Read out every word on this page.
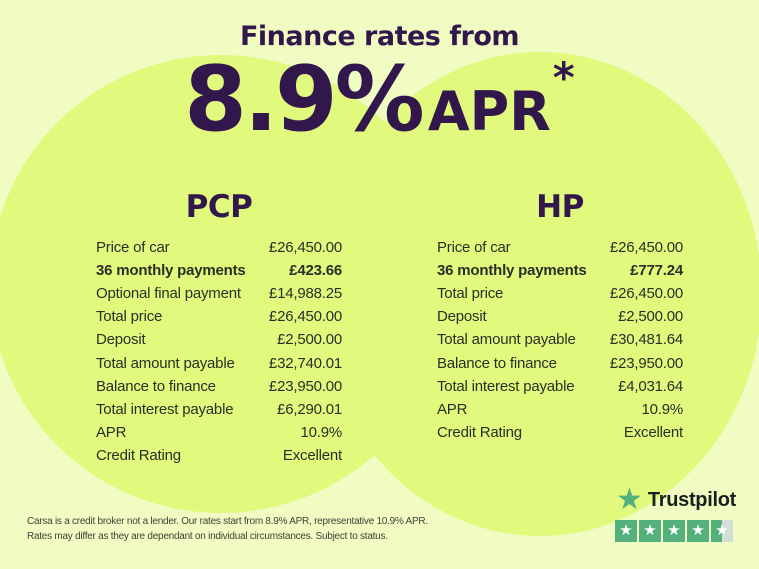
Finance rates from
8.9% APR
*
PCP	HP
Price of car	£26,450.00
36 monthly payments	£423.66
Optional final payment £14,988.25
Total price	£26,450.00
Deposit	£2,500.00
Total amount payable £32,740.01
Balance to finance	£23,950.00
Total interest payable	£6,290.01
APR	10.9%
Credit Rating	Excellent
Price of car	£26,450.00
36 monthly payments	£777.24
Total price	£26,450.00
Deposit	£2,500.00
Total amount payable £30,481.64
Balance to finance	£23,950.00
Total interest payable	£4,031.64
APR	10.9%
Credit Rating	Excellent
Carsa is a credit broker not a lender. Our rates start from 8.9% APR, representative 10.9% APR.
Rates may differ as they are dependant on individual circumstances. Subject to status.
★ Trustpilot
★ ★ ★ ★ ★
